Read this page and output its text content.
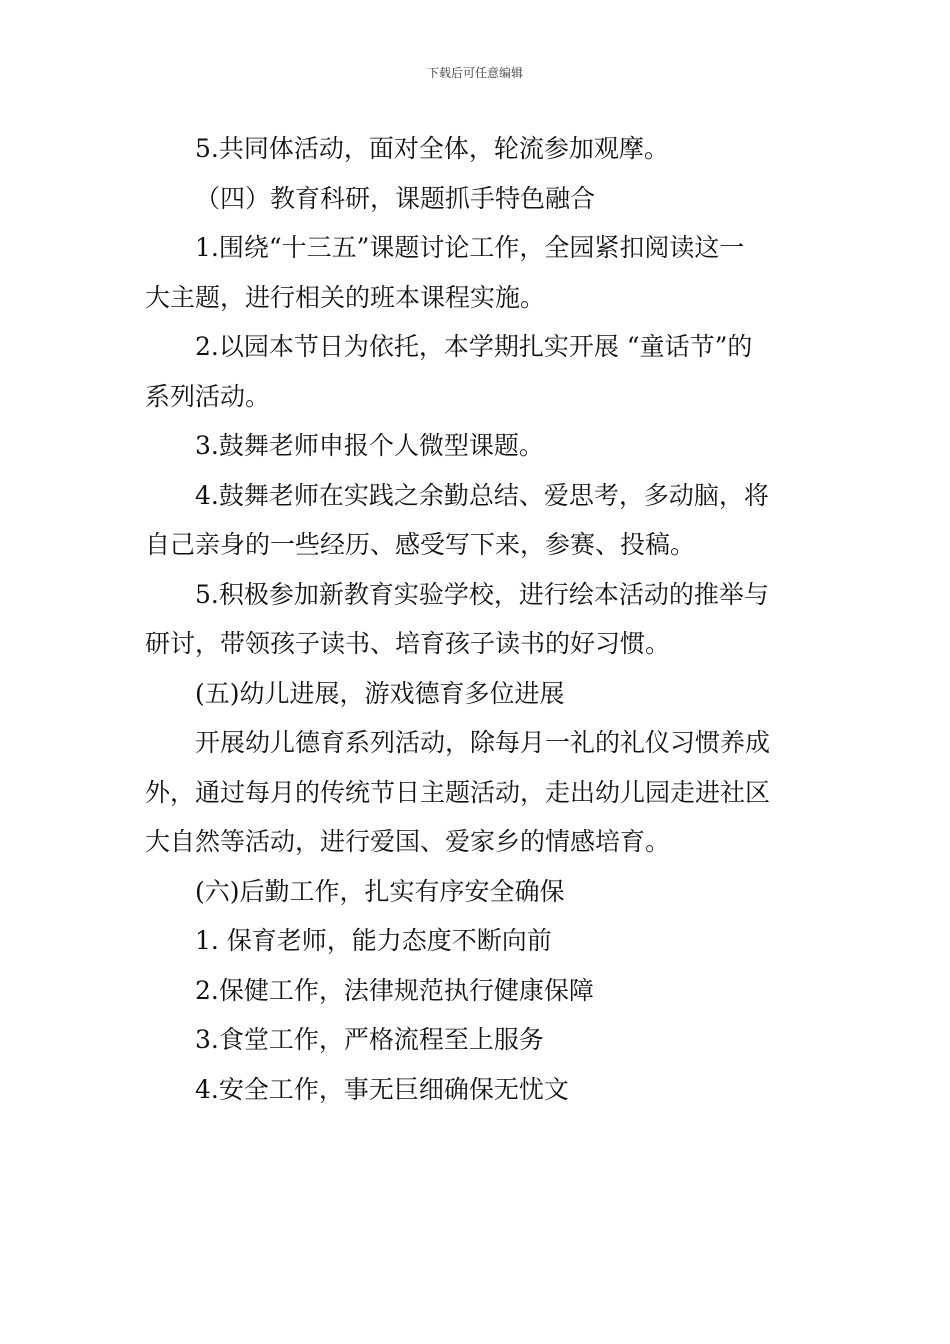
下载后可任意编辑
5.共同体活动，面对全体，轮流参加观摩。
（四）教育科研，课题抓手特色融合
1.围绕“十三五”课题讨论工作，全园紧扣阅读这一
大主题，进行相关的班本课程实施。
2.以园本节日为依托，本学期扎实开展 “童话节”的
系列活动。
3.鼓舞老师申报个人微型课题。
4.鼓舞老师在实践之余勤总结、爱思考，多动脑，将
自己亲身的一些经历、感受写下来，参赛、投稿。
5.积极参加新教育实验学校，进行绘本活动的推举与
研讨，带领孩子读书、培育孩子读书的好习惯。
(五)幼儿进展，游戏德育多位进展
开展幼儿德育系列活动，除每月一礼的礼仪习惯养成
外，通过每月的传统节日主题活动，走出幼儿园走进社区
大自然等活动，进行爱国、爱家乡的情感培育。
(六)后勤工作，扎实有序安全确保
1. 保育老师，能力态度不断向前
2.保健工作，法律规范执行健康保障
3.食堂工作，严格流程至上服务
4.安全工作，事无巨细确保无忧文
